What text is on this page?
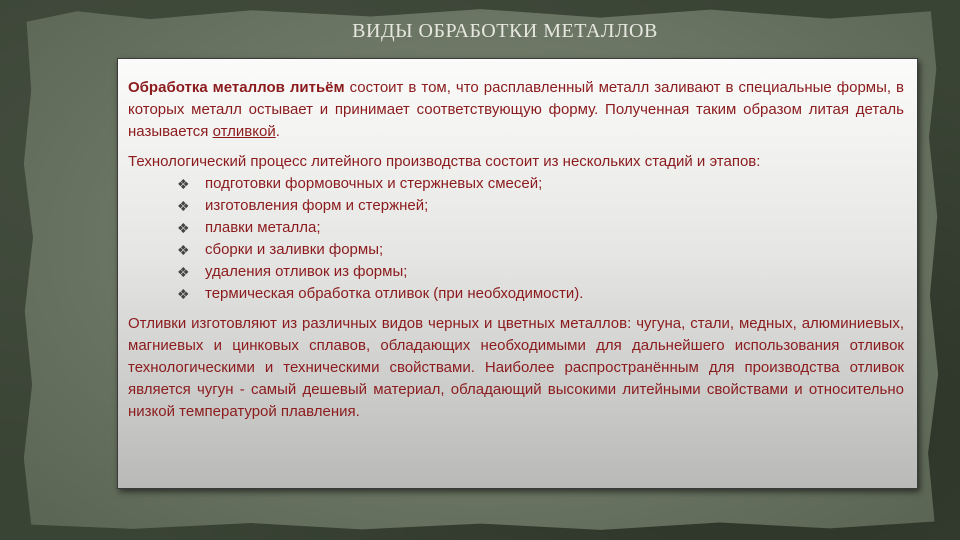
ВИДЫ ОБРАБОТКИ МЕТАЛЛОВ

Обработка металлов литьём состоит в том, что расплавленный металл заливают в специальные формы, в которых металл остывает и принимает соответствующую форму. Полученная таким образом литая деталь называется отливкой.

Технологический процесс литейного производства состоит из нескольких стадий и этапов:

❖ подготовки формовочных и стержневых смесей;
❖ изготовления форм и стержней;
❖ плавки металла;
❖ сборки и заливки формы;
❖ удаления отливок из формы;
❖ термическая обработка отливок (при необходимости).

Отливки изготовляют из различных видов черных и цветных металлов: чугуна, стали, медных, алюминиевых, магниевых и цинковых сплавов, обладающих необходимыми для дальнейшего использования отливок технологическими и техническими свойствами. Наиболее распространённым для производства отливок является чугун - самый дешевый материал, обладающий высокими литейными свойствами и относительно низкой температурой плавления.
